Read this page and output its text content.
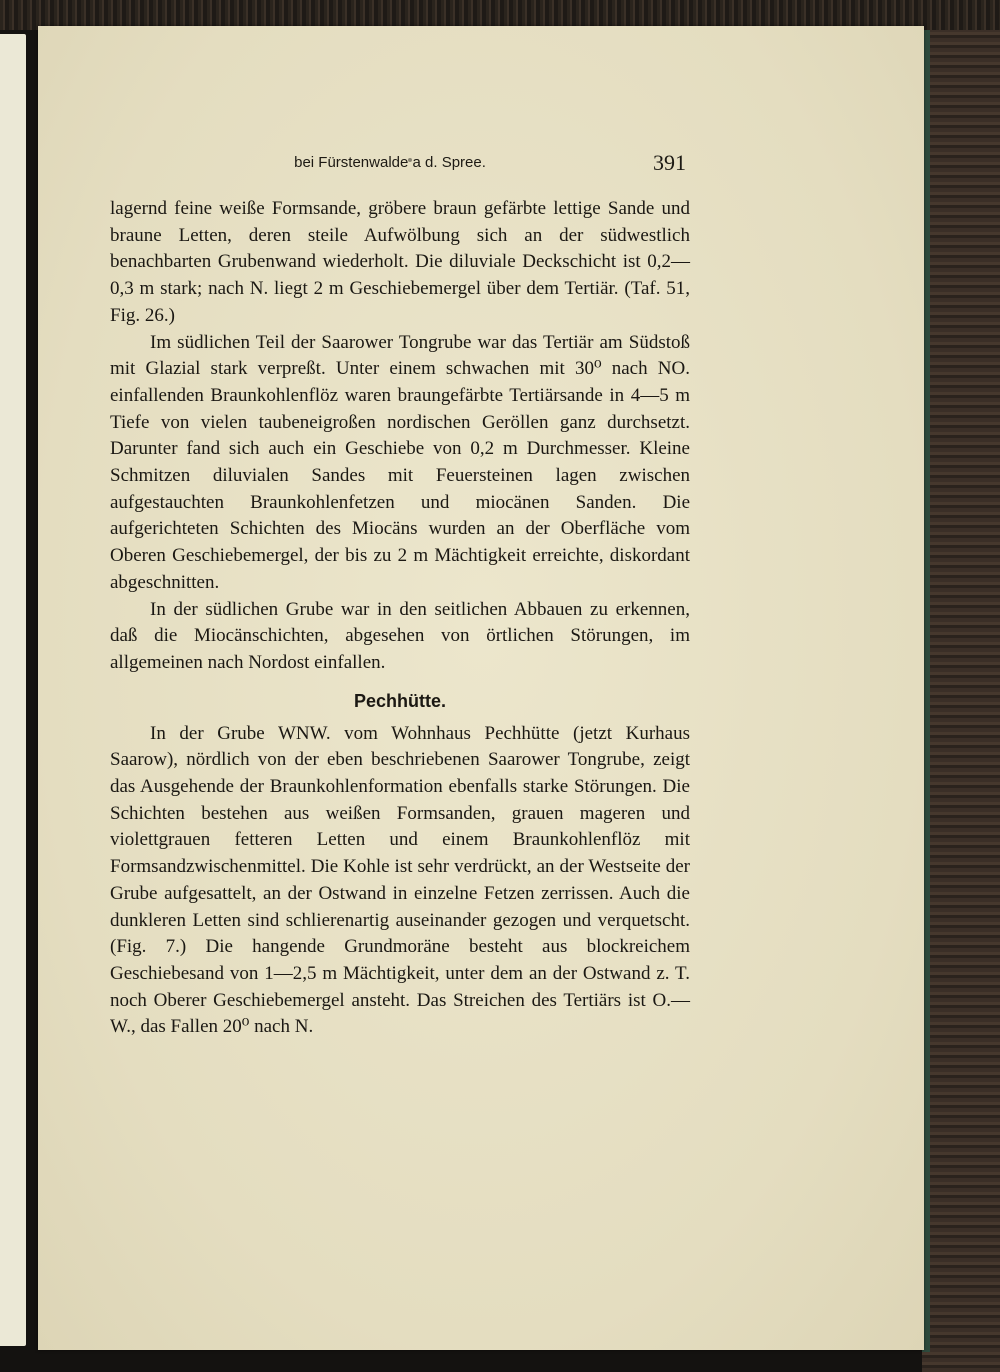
bei Fürstenwalde a d. Spree.	391

lagernd feine weiße Formsande, gröbere braun gefärbte lettige Sande und braune Letten, deren steile Aufwölbung sich an der südwestlich benachbarten Grubenwand wiederholt. Die diluviale Deckschicht ist 0,2—0,3 m stark; nach N. liegt 2 m Geschiebemergel über dem Tertiär. (Taf. 51, Fig. 26.)

Im südlichen Teil der Saarower Tongrube war das Tertiär am Südstoß mit Glazial stark verpreßt. Unter einem schwachen mit 30⁰ nach NO. einfallenden Braunkohlenflöz waren braungefärbte Tertiärsande in 4—5 m Tiefe von vielen taubeneigroßen nordischen Geröllen ganz durchsetzt. Darunter fand sich auch ein Geschiebe von 0,2 m Durchmesser. Kleine Schmitzen diluvialen Sandes mit Feuersteinen lagen zwischen aufgestauchten Braunkohlenfetzen und miocänen Sanden. Die aufgerichteten Schichten des Miocäns wurden an der Oberfläche vom Oberen Geschiebemergel, der bis zu 2 m Mächtigkeit erreichte, diskordant abgeschnitten.

In der südlichen Grube war in den seitlichen Abbauen zu erkennen, daß die Miocänschichten, abgesehen von örtlichen Störungen, im allgemeinen nach Nordost einfallen.

Pechhütte.

In der Grube WNW. vom Wohnhaus Pechhütte (jetzt Kurhaus Saarow), nördlich von der eben beschriebenen Saarower Tongrube, zeigt das Ausgehende der Braunkohlenformation ebenfalls starke Störungen. Die Schichten bestehen aus weißen Formsanden, grauen mageren und violettgrauen fetteren Letten und einem Braunkohlenflöz mit Formsandzwischenmittel. Die Kohle ist sehr verdrückt, an der Westseite der Grube aufgesattelt, an der Ostwand in einzelne Fetzen zerrissen. Auch die dunkleren Letten sind schlierenartig auseinander gezogen und verquetscht. (Fig. 7.) Die hangende Grundmoräne besteht aus blockreichem Geschiebesand von 1—2,5 m Mächtigkeit, unter dem an der Ostwand z. T. noch Oberer Geschiebemergel ansteht. Das Streichen des Tertiärs ist O.—W., das Fallen 20⁰ nach N.
